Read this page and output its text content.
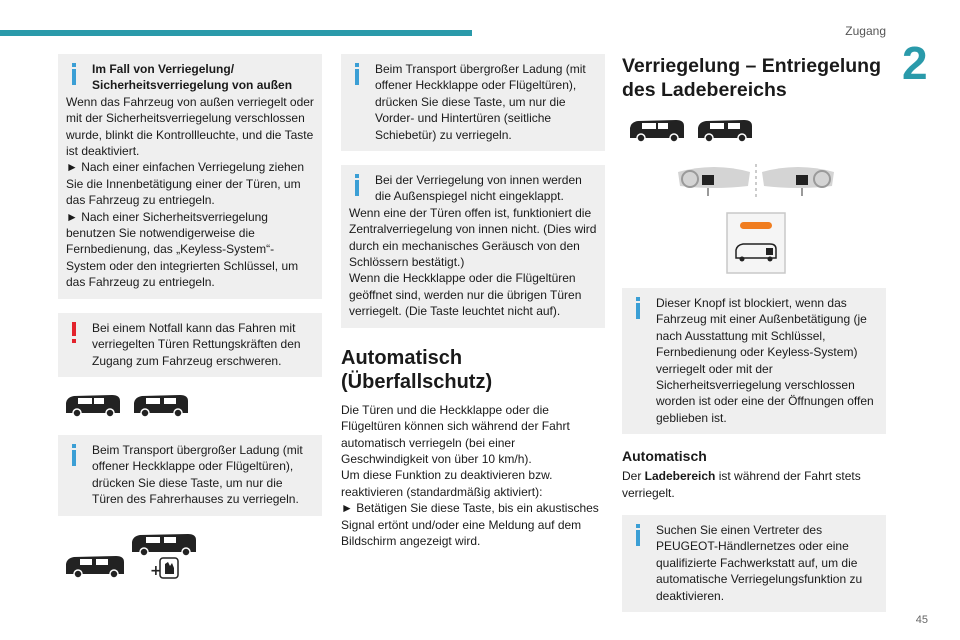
Zugang
2

Im Fall von Verriegelung/ Sicherheitsverriegelung von außen

Wenn das Fahrzeug von außen verriegelt oder mit der Sicherheitsverriegelung verschlossen wurde, blinkt die Kontrollleuchte, und die Taste ist deaktiviert.

► Nach einer einfachen Verriegelung ziehen Sie die Innenbetätigung einer der Türen, um das Fahrzeug zu entriegeln.

► Nach einer Sicherheitsverriegelung benutzen Sie notwendigerweise die Fernbedienung, das „Keyless-System“-System oder den integrierten Schlüssel, um das Fahrzeug zu entriegeln.

Bei einem Notfall kann das Fahren mit verriegelten Türen Rettungskräften den Zugang zum Fahrzeug erschweren.

Beim Transport übergroßer Ladung (mit offener Heckklappe oder Flügeltüren), drücken Sie diese Taste, um nur die Türen des Fahrerhauses zu verriegeln.

+

Beim Transport übergroßer Ladung (mit offener Heckklappe oder Flügeltüren), drücken Sie diese Taste, um nur die Vorder- und Hintertüren (seitliche Schiebetür) zu verriegeln.

Bei der Verriegelung von innen werden die Außenspiegel nicht eingeklappt.

Wenn eine der Türen offen ist, funktioniert die Zentralverriegelung von innen nicht. (Dies wird durch ein mechanisches Geräusch von den Schlössern bestätigt.)

Wenn die Heckklappe oder die Flügeltüren geöffnet sind, werden nur die übrigen Türen verriegelt. (Die Taste leuchtet nicht auf).

Automatisch (Überfallschutz)

Die Türen und die Heckklappe oder die Flügeltüren können sich während der Fahrt automatisch verriegeln (bei einer Geschwindigkeit von über 10 km/h).

Um diese Funktion zu deaktivieren bzw. reaktivieren (standardmäßig aktiviert):

► Betätigen Sie diese Taste, bis ein akustisches Signal ertönt und/oder eine Meldung auf dem Bildschirm angezeigt wird.

Verriegelung – Entriegelung des Ladebereichs

Dieser Knopf ist blockiert, wenn das Fahrzeug mit einer Außenbetätigung (je nach Ausstattung mit Schlüssel, Fernbedienung oder Keyless-System) verriegelt oder mit der Sicherheitsverriegelung verschlossen worden ist oder eine der Öffnungen offen geblieben ist.

Automatisch

Der Ladebereich ist während der Fahrt stets verriegelt.

Suchen Sie einen Vertreter des PEUGEOT-Händlernetzes oder eine qualifizierte Fachwerkstatt auf, um die automatische Verriegelungsfunktion zu deaktivieren.

45
